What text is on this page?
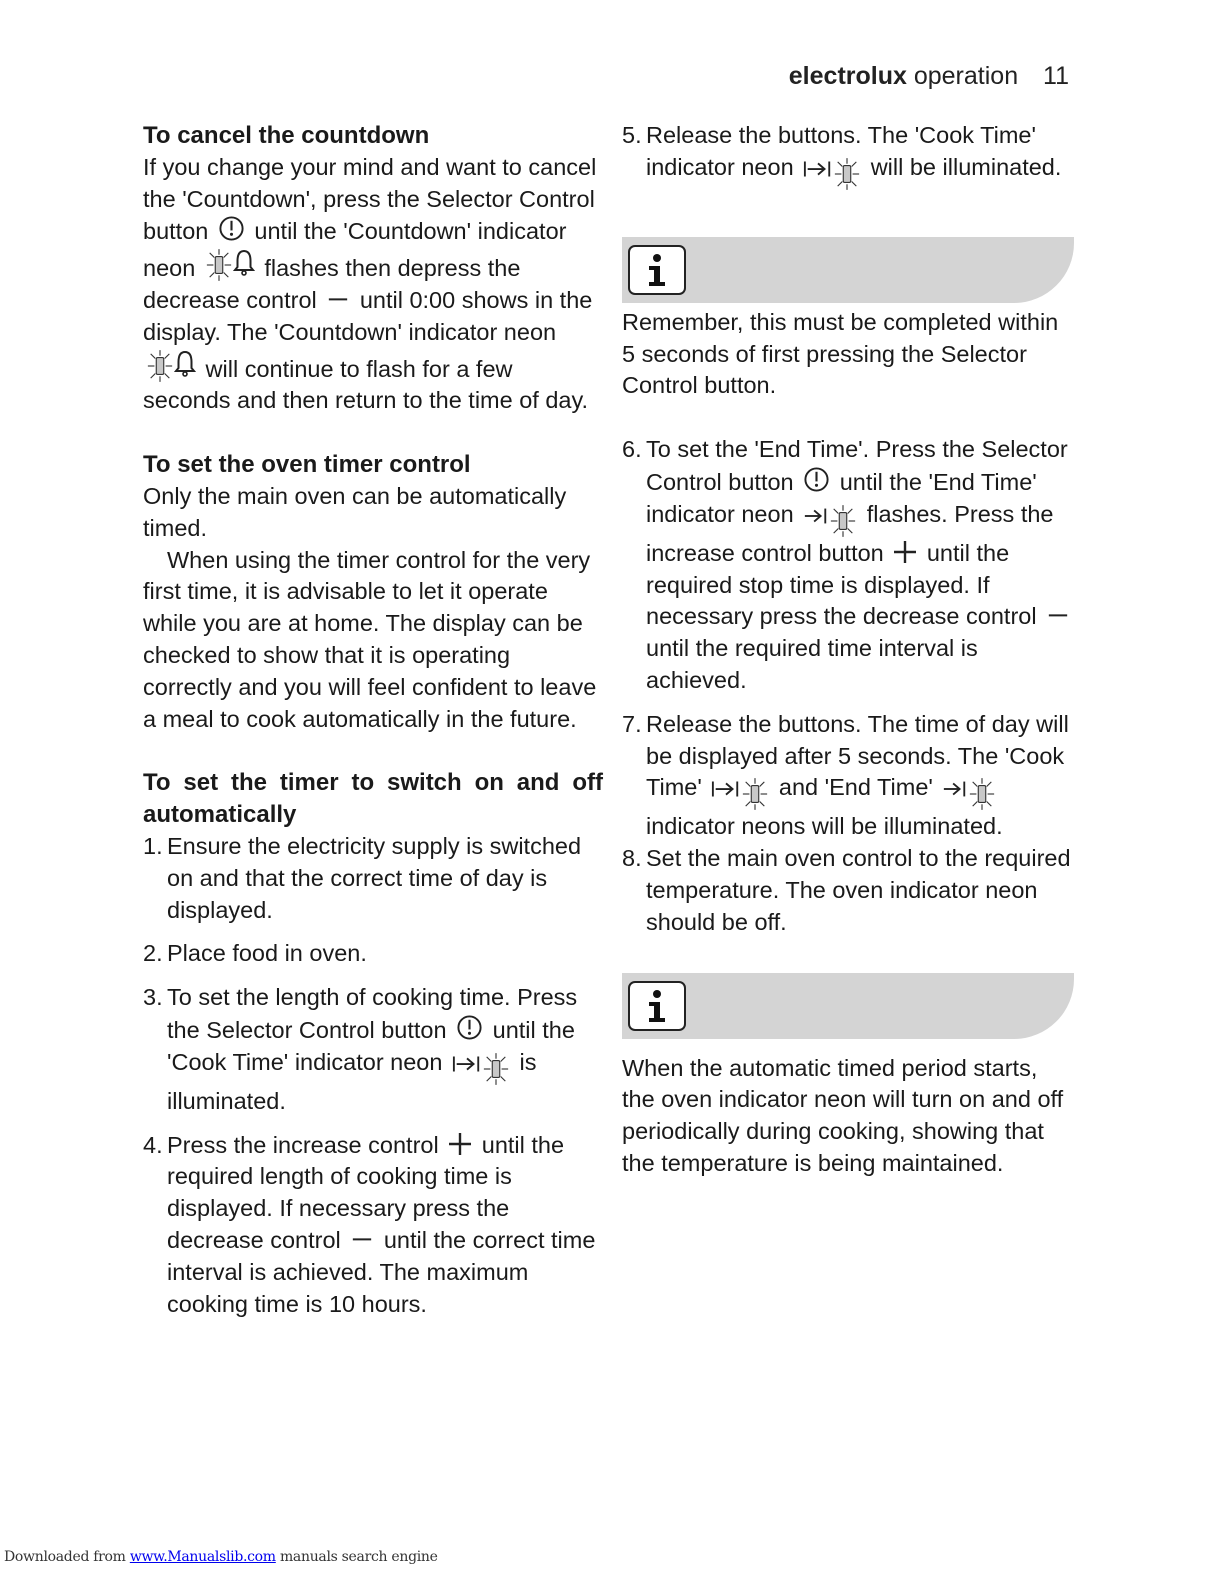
electrolux operation 11
To cancel the countdown

If you change your mind and want to cancel the 'Countdown', press the Selector Control button until the 'Countdown' indicator neon	flashes then depress the decrease control until 0:00 shows in the display. The 'Countdown' indicator neon
will continue to flash for a few seconds and then return to the time of day.

To set the oven timer control

Only the main oven can be automatically timed.

When using the timer control for the very first time, it is advisable to let it operate while you are at home. The display can be checked to show that it is operating correctly and you will feel confident to leave a meal to cook automatically in the future.

To set the timer to switch on and off automatically
1. Ensure the electricity supply is switched on and that the correct time of day is displayed.
2. Place food in oven.
3. To set the length of cooking time. Press the Selector Control button until the 'Cook Time' indicator neon	is illuminated.
4. Press the increase control until the required length of cooking time is displayed. If necessary press the decrease control until the correct time interval is achieved. The maximum cooking time is 10 hours.
5. Release the buttons. The 'Cook Time' indicator neon	will be illuminated.

Remember, this must be completed within 5 seconds of first pressing the Selector Control button.

6. To set the 'End Time'. Press the Selector Control button until the 'End Time' indicator neon	flashes. Press the increase control button until the required stop time is displayed. If necessary press the decrease control
until the required time interval is achieved.
7. Release the buttons. The time of day will be displayed after 5 seconds. The 'Cook Time'	and 'End Time'
indicator neons will be illuminated.
8. Set the main oven control to the required temperature. The oven indicator neon should be off.

When the automatic timed period starts, the oven indicator neon will turn on and off periodically during cooking, showing that the temperature is being maintained.

Downloaded from www.Manualslib.com manuals search engine
